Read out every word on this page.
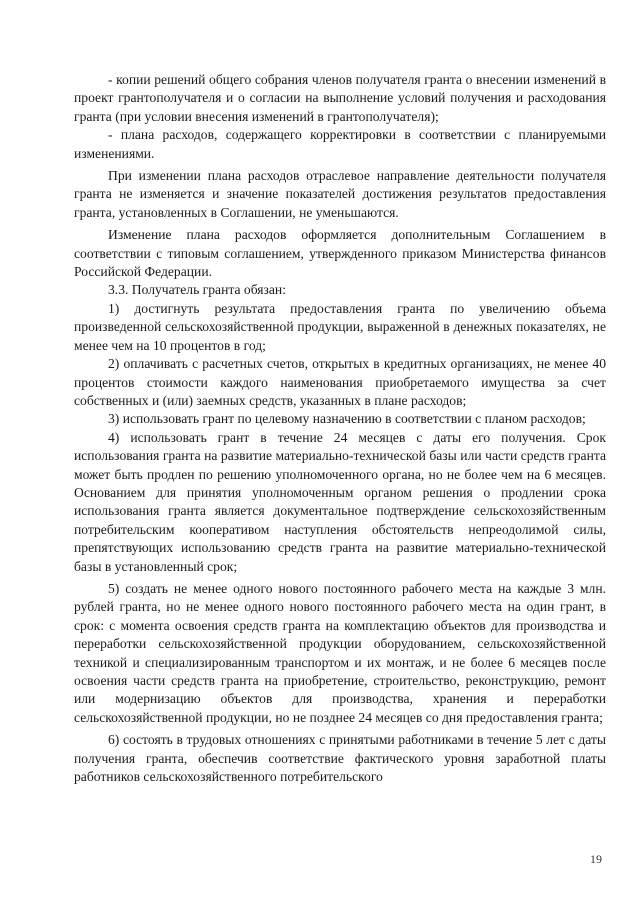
- копии решений общего собрания членов получателя гранта о внесении изменений в проект грантополучателя и о согласии на выполнение условий получения и расходования гранта (при условии внесения изменений в грантополучателя);

- плана расходов, содержащего корректировки в соответствии с планируемыми изменениями.

При изменении плана расходов отраслевое направление деятельности получателя гранта не изменяется и значение показателей достижения результатов предоставления гранта, установленных в Соглашении, не уменьшаются.

Изменение плана расходов оформляется дополнительным Соглашением в соответствии с типовым соглашением, утвержденного приказом Министерства финансов Российской Федерации.

3.3. Получатель гранта обязан:

1) достигнуть результата предоставления гранта по увеличению объема произведенной сельскохозяйственной продукции, выраженной в денежных показателях, не менее чем на 10 процентов в год;

2) оплачивать с расчетных счетов, открытых в кредитных организациях, не менее 40 процентов стоимости каждого наименования приобретаемого имущества за счет собственных и (или) заемных средств, указанных в плане расходов;

3) использовать грант по целевому назначению в соответствии с планом расходов;

4) использовать грант в течение 24 месяцев с даты его получения. Срок использования гранта на развитие материально-технической базы или части средств гранта может быть продлен по решению уполномоченного органа, но не более чем на 6 месяцев. Основанием для принятия уполномоченным органом решения о продлении срока использования гранта является документальное подтверждение сельскохозяйственным потребительским кооперативом наступления обстоятельств непреодолимой силы, препятствующих использованию средств гранта на развитие материально-технической базы в установленный срок;

5) создать не менее одного нового постоянного рабочего места на каждые 3 млн. рублей гранта, но не менее одного нового постоянного рабочего места на один грант, в срок: с момента освоения средств гранта на комплектацию объектов для производства и переработки сельскохозяйственной продукции оборудованием, сельскохозяйственной техникой и специализированным транспортом и их монтаж, и не более 6 месяцев после освоения части средств гранта на приобретение, строительство, реконструкцию, ремонт или модернизацию объектов для производства, хранения и переработки сельскохозяйственной продукции, но не позднее 24 месяцев со дня предоставления гранта;

6) состоять в трудовых отношениях с принятыми работниками в течение 5 лет с даты получения гранта, обеспечив соответствие фактического уровня заработной платы работников сельскохозяйственного потребительского

19
